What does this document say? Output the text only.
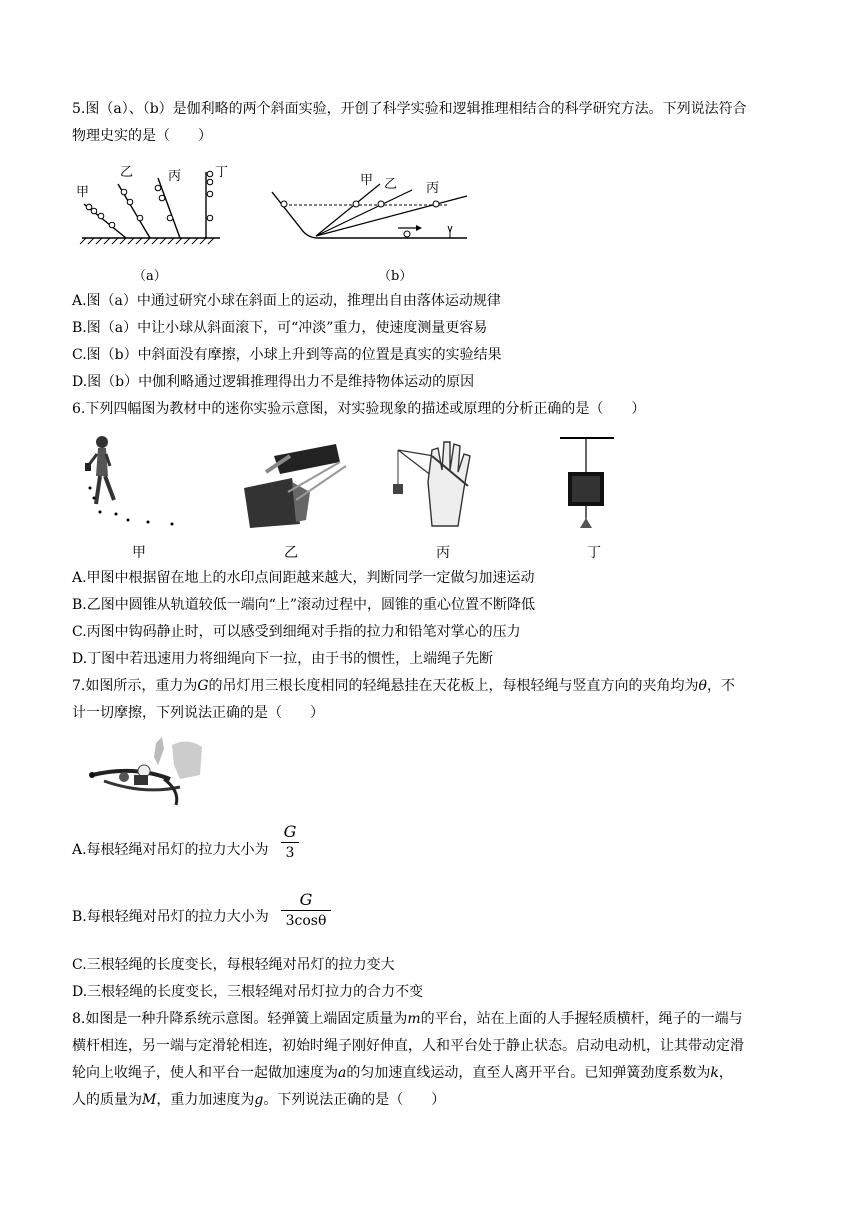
5.图（a）、（b）是伽利略的两个斜面实验，开创了科学实验和逻辑推理相结合的科学研究方法。下列说法符合
物理史实的是（　　）
甲
乙	丙	丁
甲 乙 丙
（a）	（b）
A.图（a）中通过研究小球在斜面上的运动，推理出自由落体运动规律
B.图（a）中让小球从斜面滚下，可“冲淡”重力，使速度测量更容易
C.图（b）中斜面没有摩擦，小球上升到等高的位置是真实的实验结果
D.图（b）中伽利略通过逻辑推理得出力不是维持物体运动的原因
6.下列四幅图为教材中的迷你实验示意图，对实验现象的描述或原理的分析正确的是（　　）
甲	乙	丙	丁
A.甲图中根据留在地上的水印点间距越来越大，判断同学一定做匀加速运动
B.乙图中圆锥从轨道较低一端向“上”滚动过程中，圆锥的重心位置不断降低
C.丙图中钩码静止时，可以感受到细绳对手指的拉力和铅笔对掌心的压力
D.丁图中若迅速用力将细绳向下一拉，由于书的惯性，上端绳子先断
7.如图所示，重力为G的吊灯用三根长度相同的轻绳悬挂在天花板上，每根轻绳与竖直方向的夹角均为θ，不
计一切摩擦，下列说法正确的是（　　）
A.每根轻绳对吊灯的拉力大小为
G
3
B.每根轻绳对吊灯的拉力大小为
G
3cosθ
C.三根轻绳的长度变长，每根轻绳对吊灯的拉力变大
D.三根轻绳的长度变长，三根轻绳对吊灯拉力的合力不变
8.如图是一种升降系统示意图。轻弹簧上端固定质量为m的平台，站在上面的人手握轻质横杆，绳子的一端与
横杆相连，另一端与定滑轮相连，初始时绳子刚好伸直，人和平台处于静止状态。启动电动机，让其带动定滑
轮向上收绳子，使人和平台一起做加速度为a的匀加速直线运动，直至人离开平台。已知弹簧劲度系数为k，
人的质量为M，重力加速度为g。下列说法正确的是（　　）
